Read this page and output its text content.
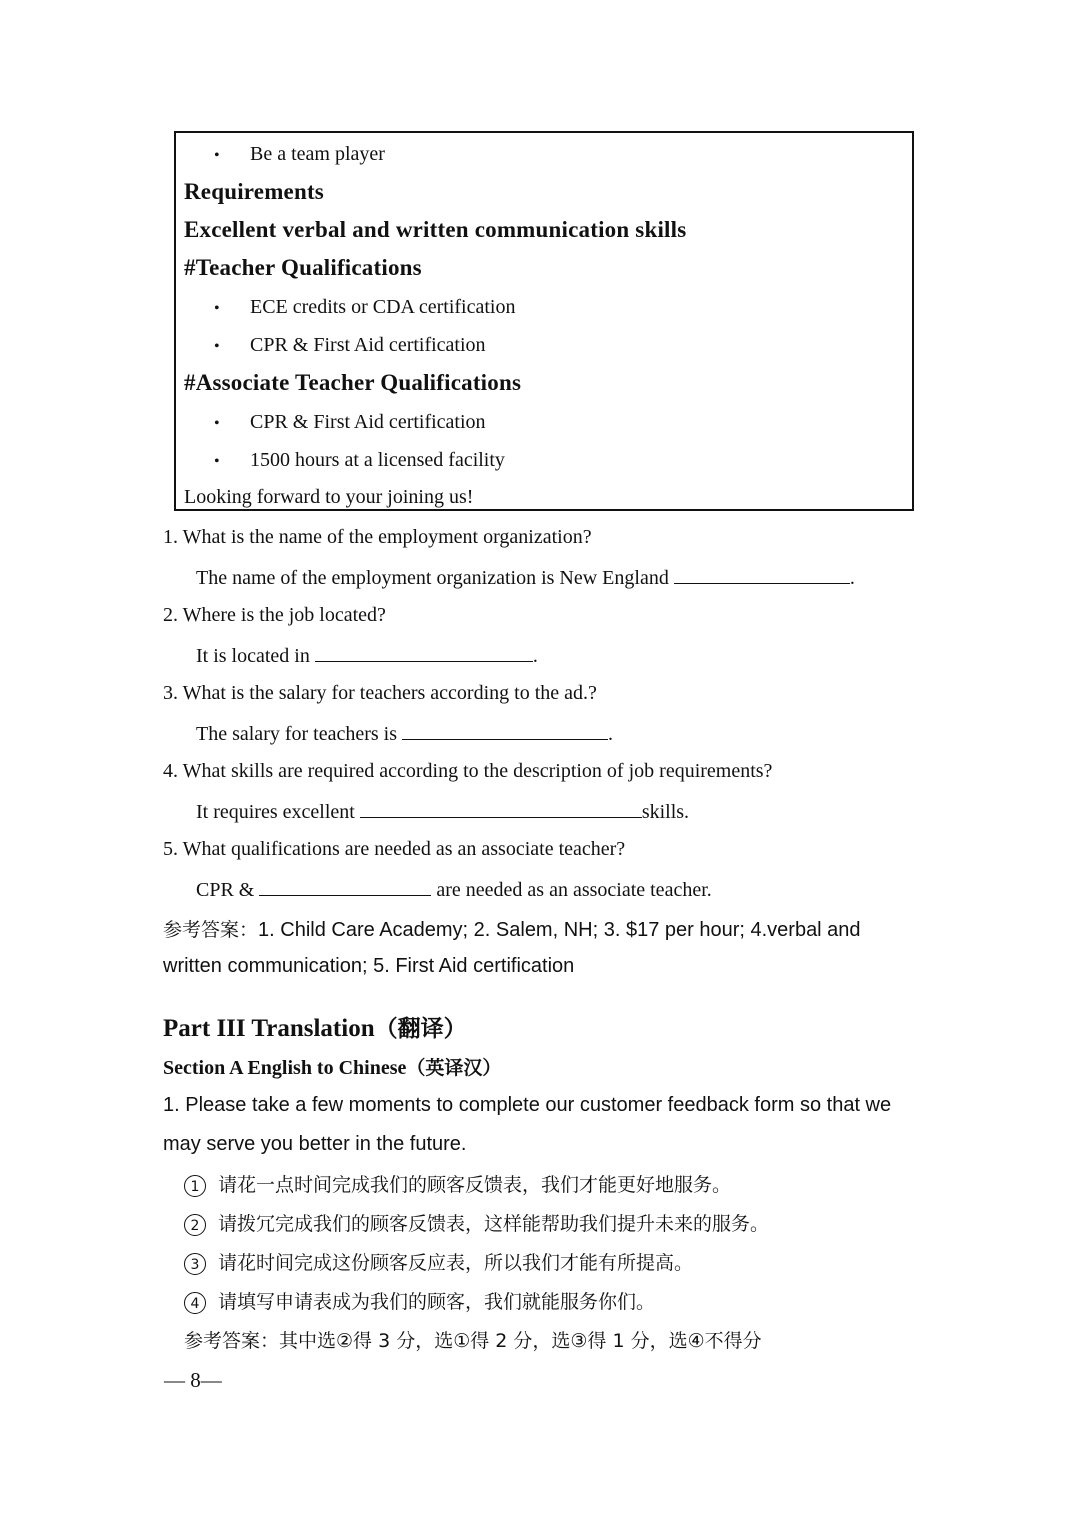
• Be a team player
Requirements
Excellent verbal and written communication skills
#Teacher Qualifications
• ECE credits or CDA certification
• CPR & First Aid certification
#Associate Teacher Qualifications
• CPR & First Aid certification
• 1500 hours at a licensed facility
Looking forward to your joining us!
1. What is the name of the employment organization?
The name of the employment organization is New England	.
2. Where is the job located?
It is located in	.
3. What is the salary for teachers according to the ad.?
The salary for teachers is	.
4. What skills are required according to the description of job requirements?
It requires excellent	skills.
5. What qualifications are needed as an associate teacher?
CPR &	are needed as an associate teacher.
参考答案：1. Child Care Academy; 2. Salem, NH; 3. $17 per hour; 4.verbal and
written communication; 5. First Aid certification
Part III Translation（翻译）
Section A English to Chinese（英译汉）
1. Please take a few moments to complete our customer feedback form so that we
may serve you better in the future.
1 请花一点时间完成我们的顾客反馈表，我们才能更好地服务。
2 请拨冗完成我们的顾客反馈表，这样能帮助我们提升未来的服务。
3 请花时间完成这份顾客反应表，所以我们才能有所提高。
4 请填写申请表成为我们的顾客，我们就能服务你们。
参考答案：其中选②得 3 分，选①得 2 分，选③得 1 分，选④不得分
— 8—
